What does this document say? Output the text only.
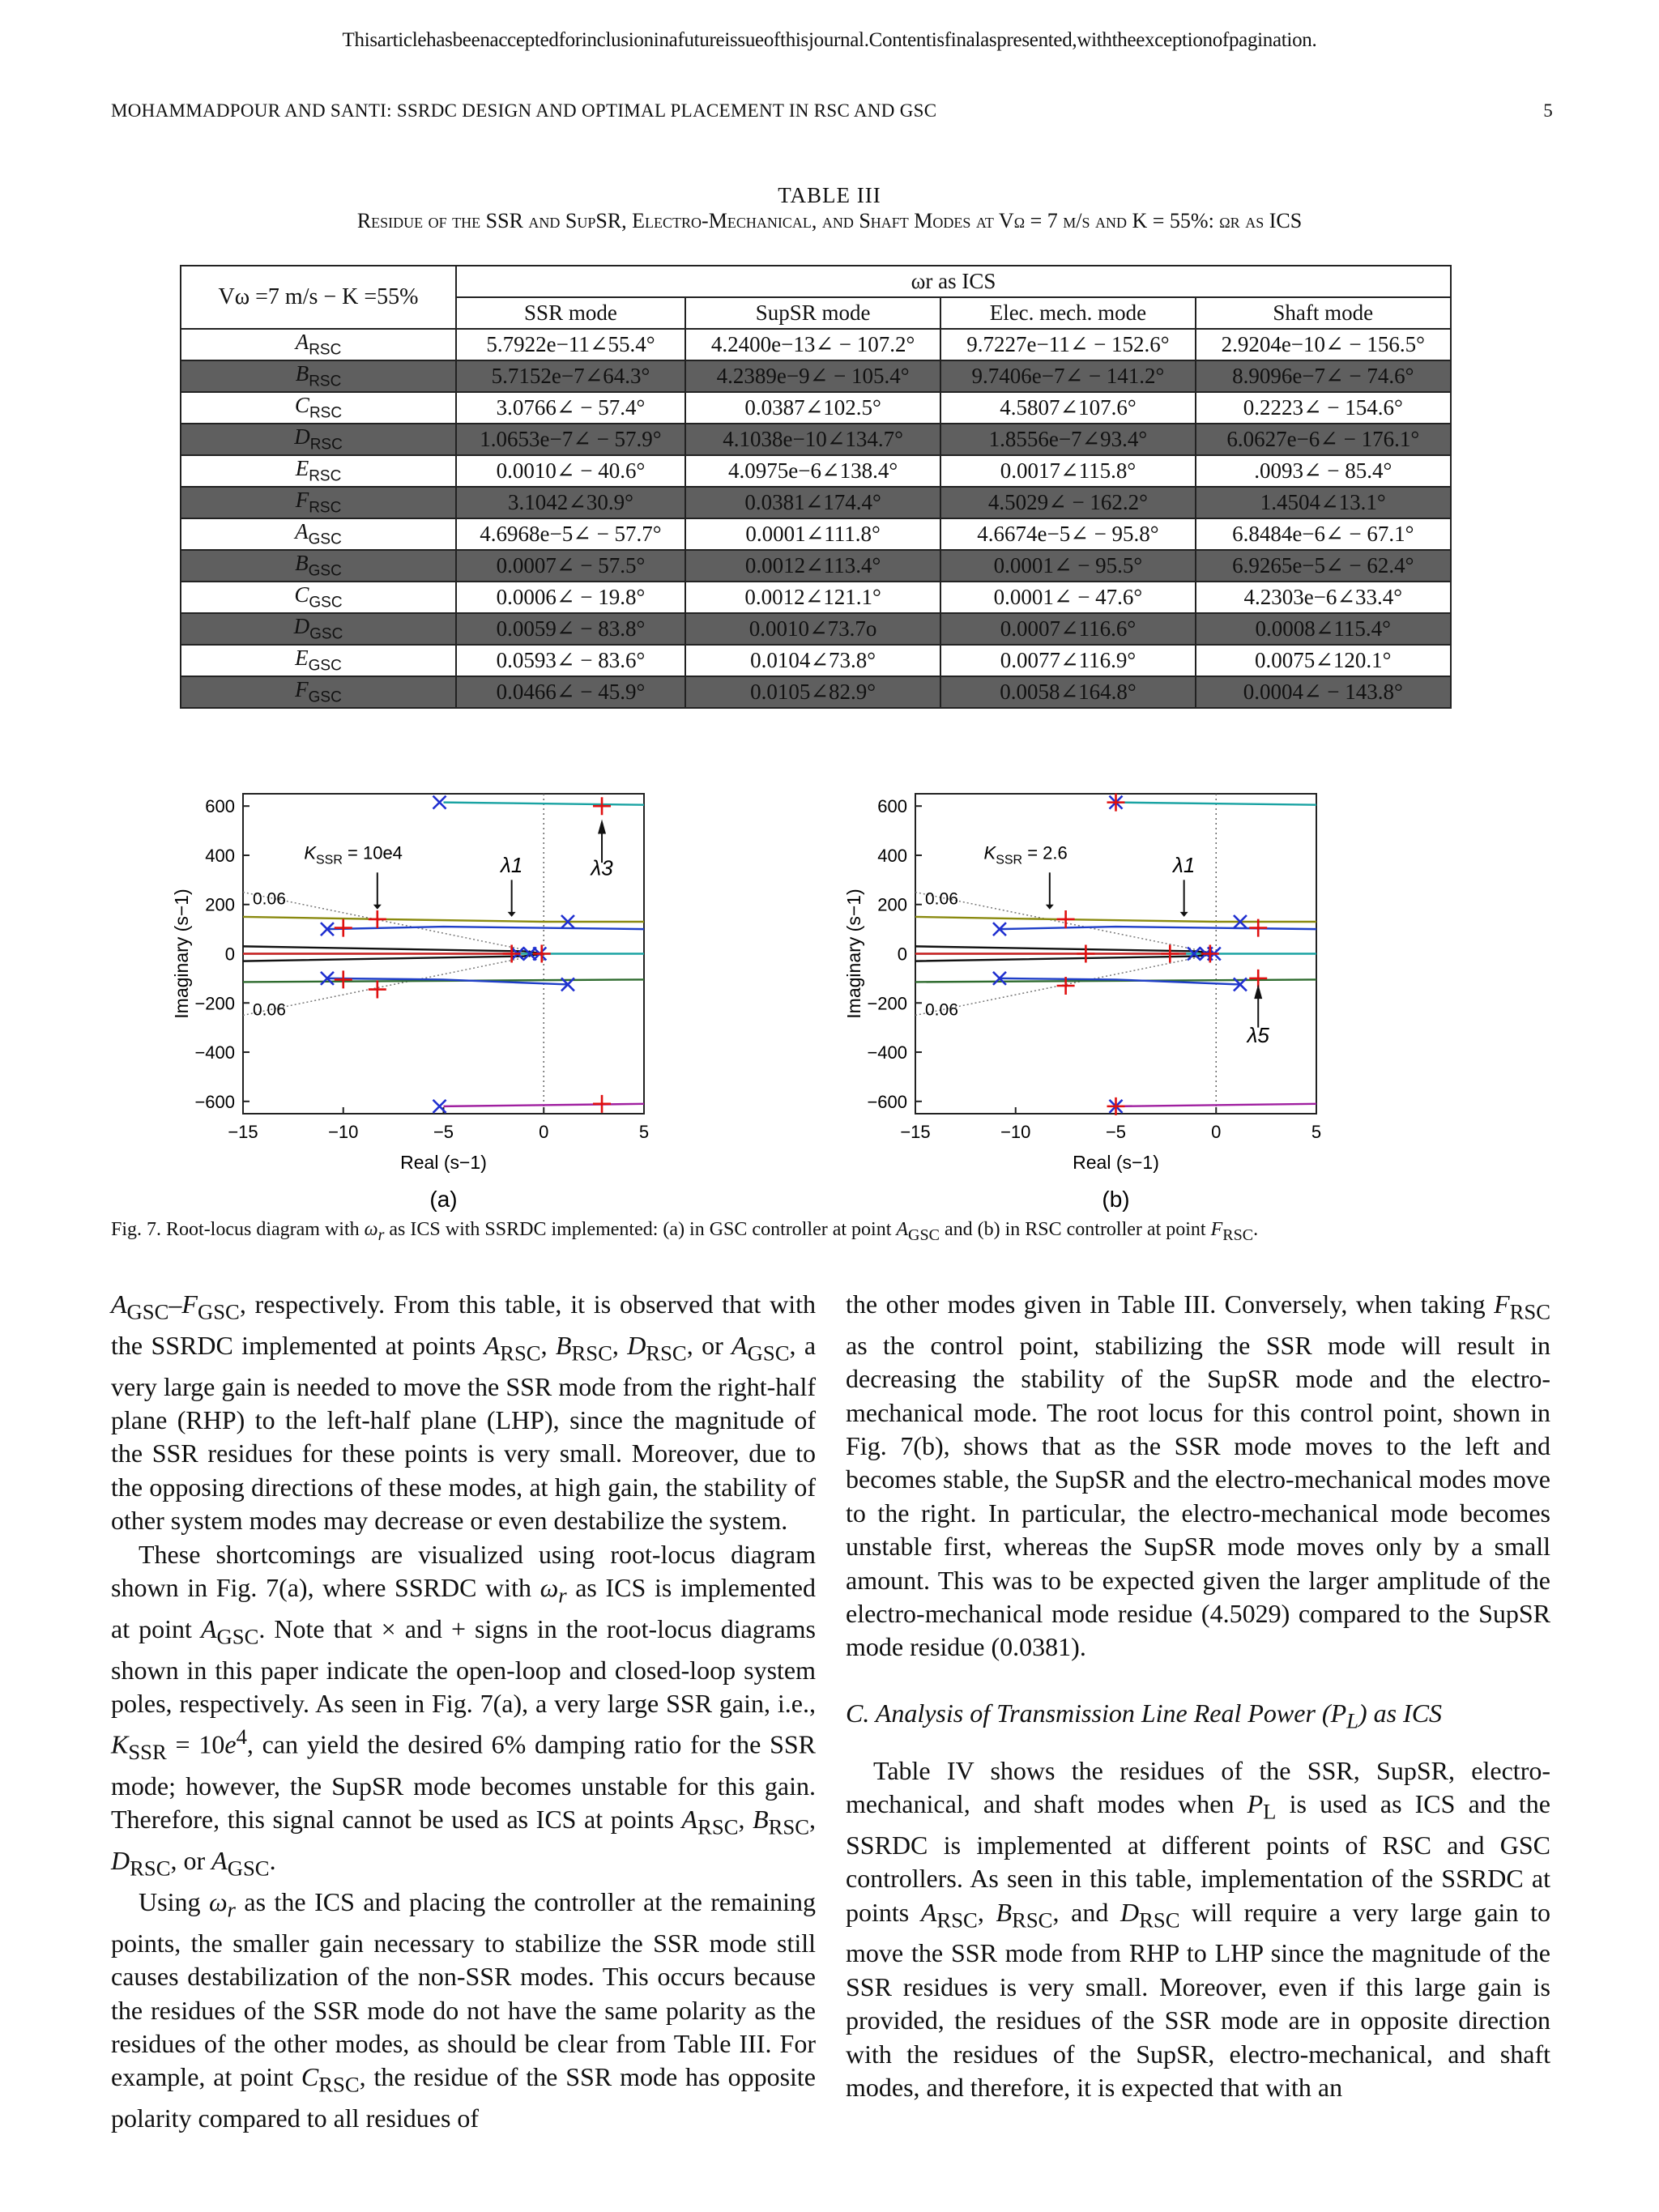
Thisarticlehasbeenacceptedforinclusioninafutureissueofthisjournal.Contentisfinalaspresented,withtheexceptionofpagination.
MOHAMMADPOUR AND SANTI: SSRDC DESIGN AND OPTIMAL PLACEMENT IN RSC AND GSC	5
TABLE III
Residue of the SSR and SupSR, Electro-Mechanical, and Shaft Modes at Vω = 7 m/s and K = 55%: ωr as ICS
Vω =7 m/s − K =55%	ωr as ICS			
	SSR mode	SupSR mode	Elec. mech. mode	Shaft mode
$A_{RSC}$	5.7922e−11∠55.4°	4.2400e−13∠ − 107.2°	9.7227e−11∠ − 152.6°	2.9204e−10∠ − 156.5°
$B_{RSC}$	5.7152e−7∠64.3°	4.2389e−9∠ − 105.4°	9.7406e−7∠ − 141.2°	8.9096e−7∠ − 74.6°
$C_{RSC}$	3.0766∠ − 57.4°	0.0387∠102.5°	4.5807∠107.6°	0.2223∠ − 154.6°
$D_{RSC}$	1.0653e−7∠ − 57.9°	4.1038e−10∠134.7°	1.8556e−7∠93.4°	6.0627e−6∠ − 176.1°
$E_{RSC}$	0.0010∠ − 40.6°	4.0975e−6∠138.4°	0.0017∠115.8°	.0093∠ − 85.4°
$F_{RSC}$	3.1042∠30.9°	0.0381∠174.4°	4.5029∠ − 162.2°	1.4504∠13.1°
$A_{GSC}$	4.6968e−5∠ − 57.7°	0.0001∠111.8°	4.6674e−5∠ − 95.8°	6.8484e−6∠ − 67.1°
$B_{GSC}$	0.0007∠ − 57.5°	0.0012∠113.4°	0.0001∠ − 95.5°	6.9265e−5∠ − 62.4°
$C_{GSC}$	0.0006∠ − 19.8°	0.0012∠121.1°	0.0001∠ − 47.6°	4.2303e−6∠33.4°
$D_{GSC}$	0.0059∠ − 83.8°	0.0010∠73.7o	0.0007∠116.6°	0.0008∠115.4°
$E_{GSC}$	0.0593∠ − 83.6°	0.0104∠73.8°	0.0077∠116.9°	0.0075∠120.1°
$F_{GSC}$	0.0466∠ − 45.9°	0.0105∠82.9°	0.0058∠164.8°	0.0004∠ − 143.8°
0.06
0.06
−15	−10	−5	0	5
600
400
200
0
−200
−400
−600
Real (s−1)
Imaginary (s−1)
(a)
$K_{SSR} = 10e4$
λ1	λ3
0.06
0.06
−15	−10	−5	0	5
600
400
200
0
−200
−400
−600
Real (s−1)
Imaginary (s−1)
(b)
$K_{SSR} = 2.6$
λ1
λ5
Fig. 7. Root-locus diagram with $\omega_r$ as ICS with SSRDC implemented: (a) in GSC controller at point $A_{GSC}$ and (b) in RSC controller at point $F_{RSC}$.

$A_{GSC}-F_{GSC}$, respectively. From this table, it is observed that with the SSRDC implemented at points $A_{RSC}$, $B_{RSC}$, $D_{RSC}$, or $A_{GSC}$, a very large gain is needed to move the SSR mode from the right-half plane (RHP) to the left-half plane (LHP), since the magnitude of the SSR residues for these points is very small. Moreover, due to the opposing directions of these modes, at high gain, the stability of other system modes may decrease or even destabilize the system.

These shortcomings are visualized using root-locus diagram shown in Fig. 7(a), where SSRDC with $\omega_r$ as ICS is implemented at point $A_{GSC}$. Note that × and + signs in the root-locus diagrams shown in this paper indicate the open-loop and closed-loop system poles, respectively. As seen in Fig. 7(a), a very large SSR gain, i.e., $K_{SSR} = 10e^4$, can yield the desired 6% damping ratio for the SSR mode; however, the SupSR mode becomes unstable for this gain. Therefore, this signal cannot be used as ICS at points $A_{RSC}$, $B_{RSC}$, $D_{RSC}$, or $A_{GSC}$.

Using $\omega_r$ as the ICS and placing the controller at the remaining points, the smaller gain necessary to stabilize the SSR mode still causes destabilization of the non-SSR modes. This occurs because the residues of the SSR mode do not have the same polarity as the residues of the other modes, as should be clear from Table III. For example, at point $C_{RSC}$, the residue of the SSR mode has opposite polarity compared to all residues of

the other modes given in Table III. Conversely, when taking $F_{RSC}$ as the control point, stabilizing the SSR mode will result in decreasing the stability of the SupSR mode and the electro-mechanical mode. The root locus for this control point, shown in Fig. 7(b), shows that as the SSR mode moves to the left and becomes stable, the SupSR and the electro-mechanical modes move to the right. In particular, the electro-mechanical mode becomes unstable first, whereas the SupSR mode moves only by a small amount. This was to be expected given the larger amplitude of the electro-mechanical mode residue (4.5029) compared to the SupSR mode residue (0.0381).

C. Analysis of Transmission Line Real Power $(P_L)$ as ICS

Table IV shows the residues of the SSR, SupSR, electro-mechanical, and shaft modes when $P_L$ is used as ICS and the SSRDC is implemented at different points of RSC and GSC controllers. As seen in this table, implementation of the SSRDC at points $A_{RSC}$, $B_{RSC}$, and $D_{RSC}$ will require a very large gain to move the SSR mode from RHP to LHP since the magnitude of the SSR residues is very small. Moreover, even if this large gain is provided, the residues of the SSR mode are in opposite direction with the residues of the SupSR, electro-mechanical, and shaft modes, and therefore, it is expected that with an
